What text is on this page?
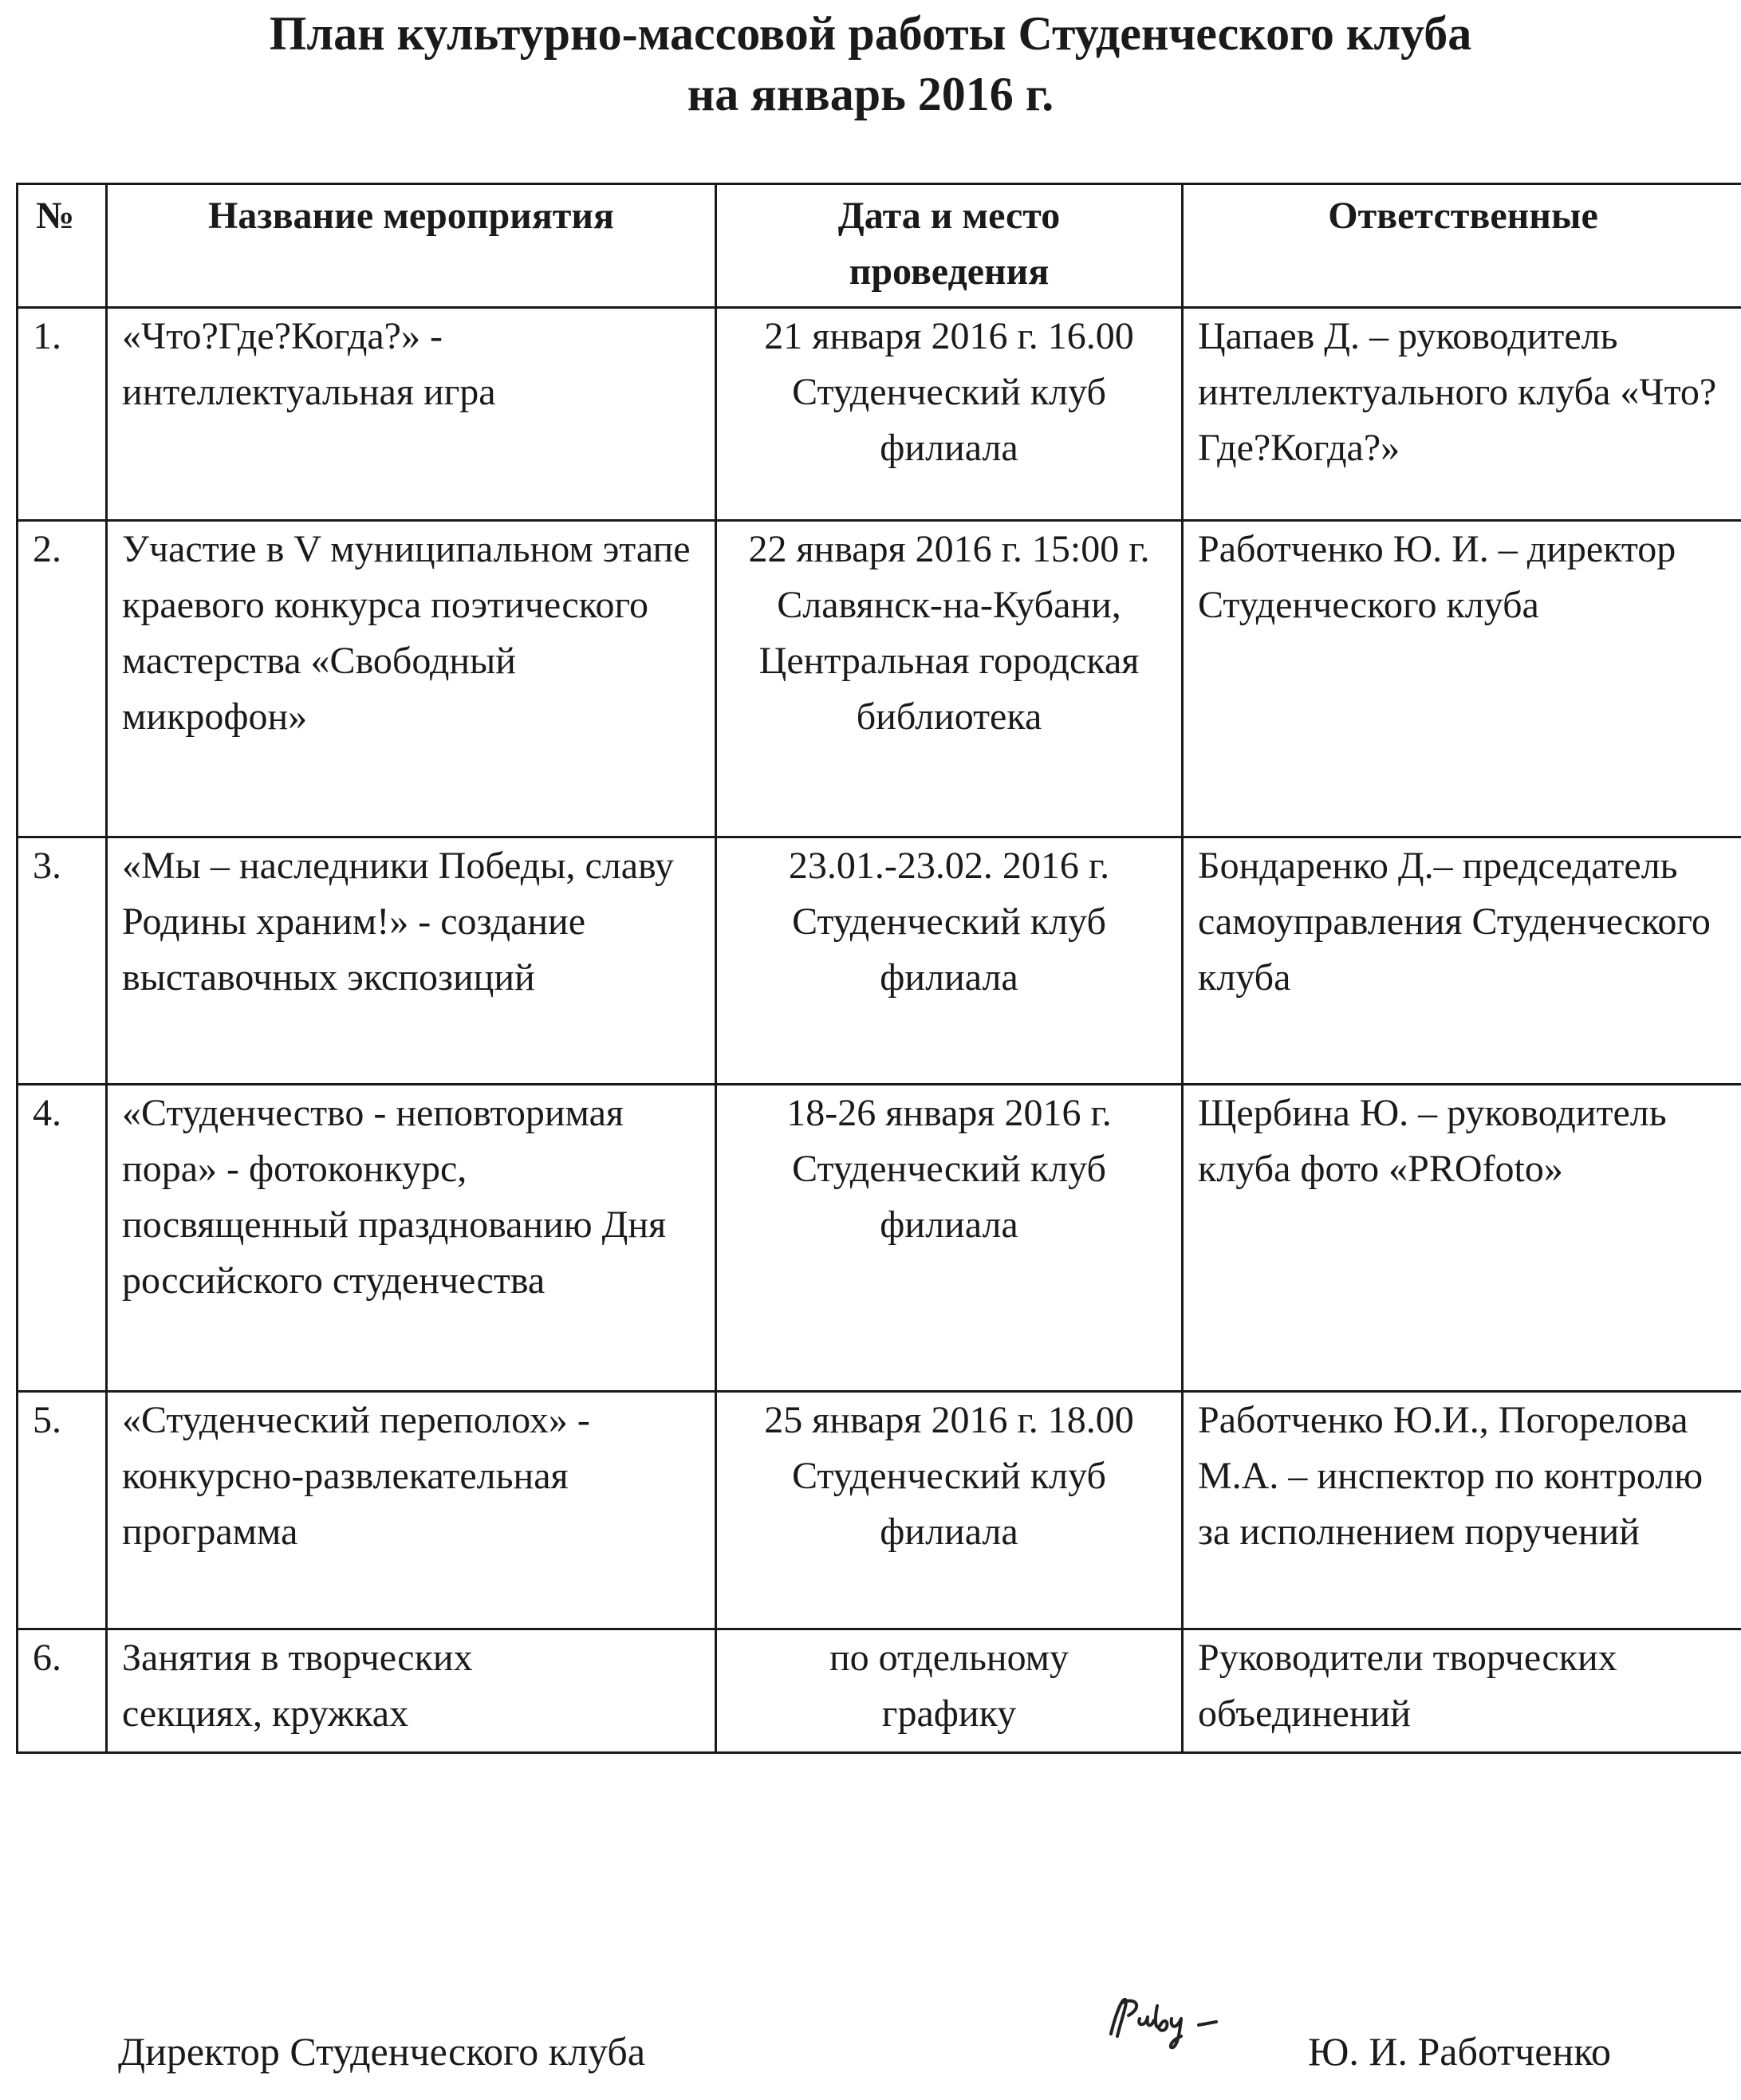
План культурно-массовой работы Студенческого клуба
на январь 2016 г.
№	Название мероприятия	Дата и место проведения	Ответственные
1.	«Что?Где?Когда?» - интеллектуальная игра	21 января 2016 г. 16.00 Студенческий клуб филиала	Цапаев Д. – руководитель интеллектуального клуба «Что?Где?Когда?»
2.	Участие в V муниципальном этапе краевого конкурса поэтического мастерства «Свободный микрофон»	22 января 2016 г. 15:00 г. Славянск-на-Кубани, Центральная городская библиотека	Работченко Ю. И. – директор Студенческого клуба
3.	«Мы – наследники Победы, славу Родины храним!» - создание выставочных экспозиций	23.01.-23.02. 2016 г. Студенческий клуб филиала	Бондаренко Д.– председатель самоуправления Студенческого клуба
4.	«Студенчество - неповторимая пора» - фотоконкурс, посвященный празднованию Дня российского студенчества	18-26 января 2016 г. Студенческий клуб филиала	Щербина Ю. – руководитель клуба фото «PROfoto»
5.	«Студенческий переполох» - конкурсно-развлекательная программа	25 января 2016 г. 18.00 Студенческий клуб филиала	Работченко Ю.И., Погорелова М.А. – инспектор по контролю за исполнением поручений
6.	Занятия в творческих секциях, кружках	по отдельному графику	Руководители творческих объединений
Директор Студенческого клуба	Ю. И. Работченко
